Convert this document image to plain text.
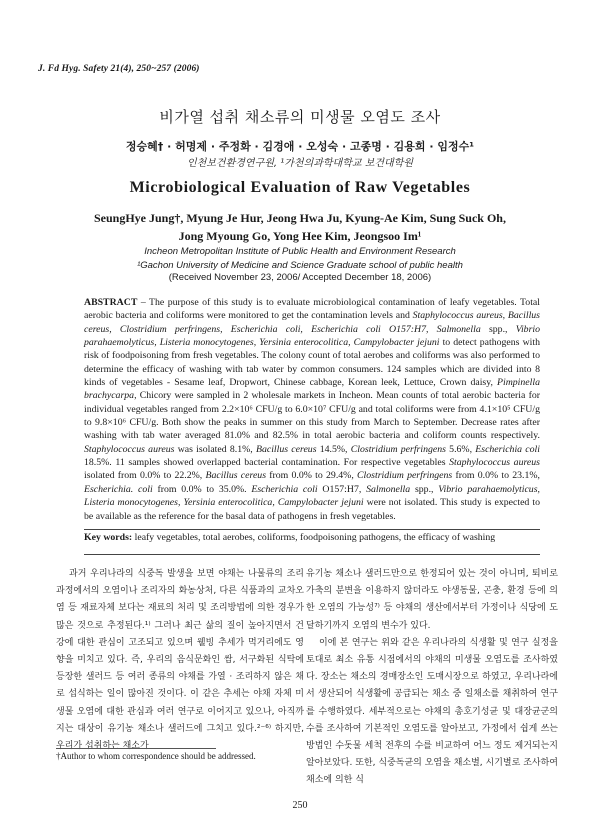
J. Fd Hyg. Safety 21(4), 250~257 (2006)
비가열 섭취 채소류의 미생물 오염도 조사
정승혜† · 허명제 · 주정화 · 김경애 · 오성숙 · 고종명 · 김용희 · 임정수¹
인천보건환경연구원, ¹가천의과학대학교 보건대학원
Microbiological Evaluation of Raw Vegetables
SeungHye Jung†, Myung Je Hur, Jeong Hwa Ju, Kyung-Ae Kim, Sung Suck Oh,
Jong Myoung Go, Yong Hee Kim, Jeongsoo Im¹
Incheon Metropolitan Institute of Public Health and Environment Research
¹Gachon University of Medicine and Science Graduate school of public health
(Received November 23, 2006/ Accepted December 18, 2006)
ABSTRACT – The purpose of this study is to evaluate microbiological contamination of leafy vegetables. Total aerobic bacteria and coliforms were monitored to get the contamination levels and Staphylococcus aureus, Bacillus cereus, Clostridium perfringens, Escherichia coli, Escherichia coli O157:H7, Salmonella spp., Vibrio parahaemolyticus, Listeria monocytogenes, Yersinia enterocolitica, Campylobacter jejuni to detect pathogens with risk of foodpoisoning from fresh vegetables. The colony count of total aerobes and coliforms was also performed to determine the efficacy of washing with tab water by common consumers. 124 samples which are divided into 8 kinds of vegetables - Sesame leaf, Dropwort, Chinese cabbage, Korean leek, Lettuce, Crown daisy, Pimpinella brachycarpa, Chicory were sampled in 2 wholesale markets in Incheon. Mean counts of total aerobic bacteria for individual vegetables ranged from 2.2×10⁶ CFU/g to 6.0×10⁷ CFU/g and total coliforms were from 4.1×10⁵ CFU/g to 9.8×10⁶ CFU/g. Both show the peaks in summer on this study from March to September. Decrease rates after washing with tab water averaged 81.0% and 82.5% in total aerobic bacteria and coliform counts respectively. Staphylococcus aureus was isolated 8.1%, Bacillus cereus 14.5%, Clostridium perfringens 5.6%, Escherichia coli 18.5%. 11 samples showed overlapped bacterial contamination. For respective vegetables Staphylococcus aureus isolated from 0.0% to 22.2%, Bacillus cereus from 0.0% to 29.4%, Clostridium perfringens from 0.0% to 23.1%, Escherichia. coli from 0.0% to 35.0%. Escherichia coli O157:H7, Salmonella spp., Vibrio parahaemolyticus, Listeria monocytogenes, Yersinia enterocolitica, Campylobacter jejuni were not isolated. This study is expected to be available as the reference for the basal data of pathogens in fresh vegetables.
Key words: leafy vegetables, total aerobes, coliforms, foodpoisoning pathogens, the efficacy of washing

과거 우리나라의 식중독 발생을 보면 야채는 나물류의 조리과정에서의 오염이나 조리자의 화농상처, 다른 식품과의 교차오염 등 재료자체 보다는 재료의 처리 및 조리방법에 의한 경우가 많은 것으로 추정된다.¹⁾ 그러나 최근 삶의 질이 높아지면서 건강에 대한 관심이 고조되고 있으며 웰빙 추세가 먹거리에도 영향을 미치고 있다. 즉, 우리의 음식문화인 쌈, 서구화된 식탁에 등장한 샐러드 등 여러 종류의 야채를 가열 · 조리하지 않은 채로 섭식하는 일이 많아진 것이다. 이 같은 추세는 야채 자체 미생물 오염에 대한 관심과 여러 연구로 이어지고 있으나, 아직까지는 대상이 유기농 채소나 샐러드에 그치고 있다.²⁻⁶⁾ 하지만, 우리가 섭취하는 채소가

유기농 채소나 샐러드만으로 한정되어 있는 것이 아니며, 퇴비로 가축의 분변을 이용하지 않더라도 야생동물, 곤충, 환경 등에 의한 오염의 가능성⁷⁾ 등 야채의 생산에서부터 가정이나 식당에 도달하기까지 오염의 변수가 있다.

이에 본 연구는 위와 같은 우리나라의 식생활 및 연구 실정을 토대로 최소 유통 시점에서의 야채의 미생물 오염도를 조사하였다. 장소는 채소의 경매장소인 도매시장으로 하였고, 우리나라에서 생산되어 식생활에 공급되는 채소 중 일채소를 채취하여 연구를 수행하였다. 세부적으로는 야채의 총호기성균 및 대장균군의 수를 조사하여 기본적인 오염도를 알아보고, 가정에서 쉽게 쓰는 방법인 수돗물 세척 전후의 수를 비교하여 어느 정도 제거되는지 알아보았다. 또한, 식중독균의 오염을 채소별, 시기별로 조사하여 채소에 의한 식

†Author to whom correspondence should be addressed.
250
